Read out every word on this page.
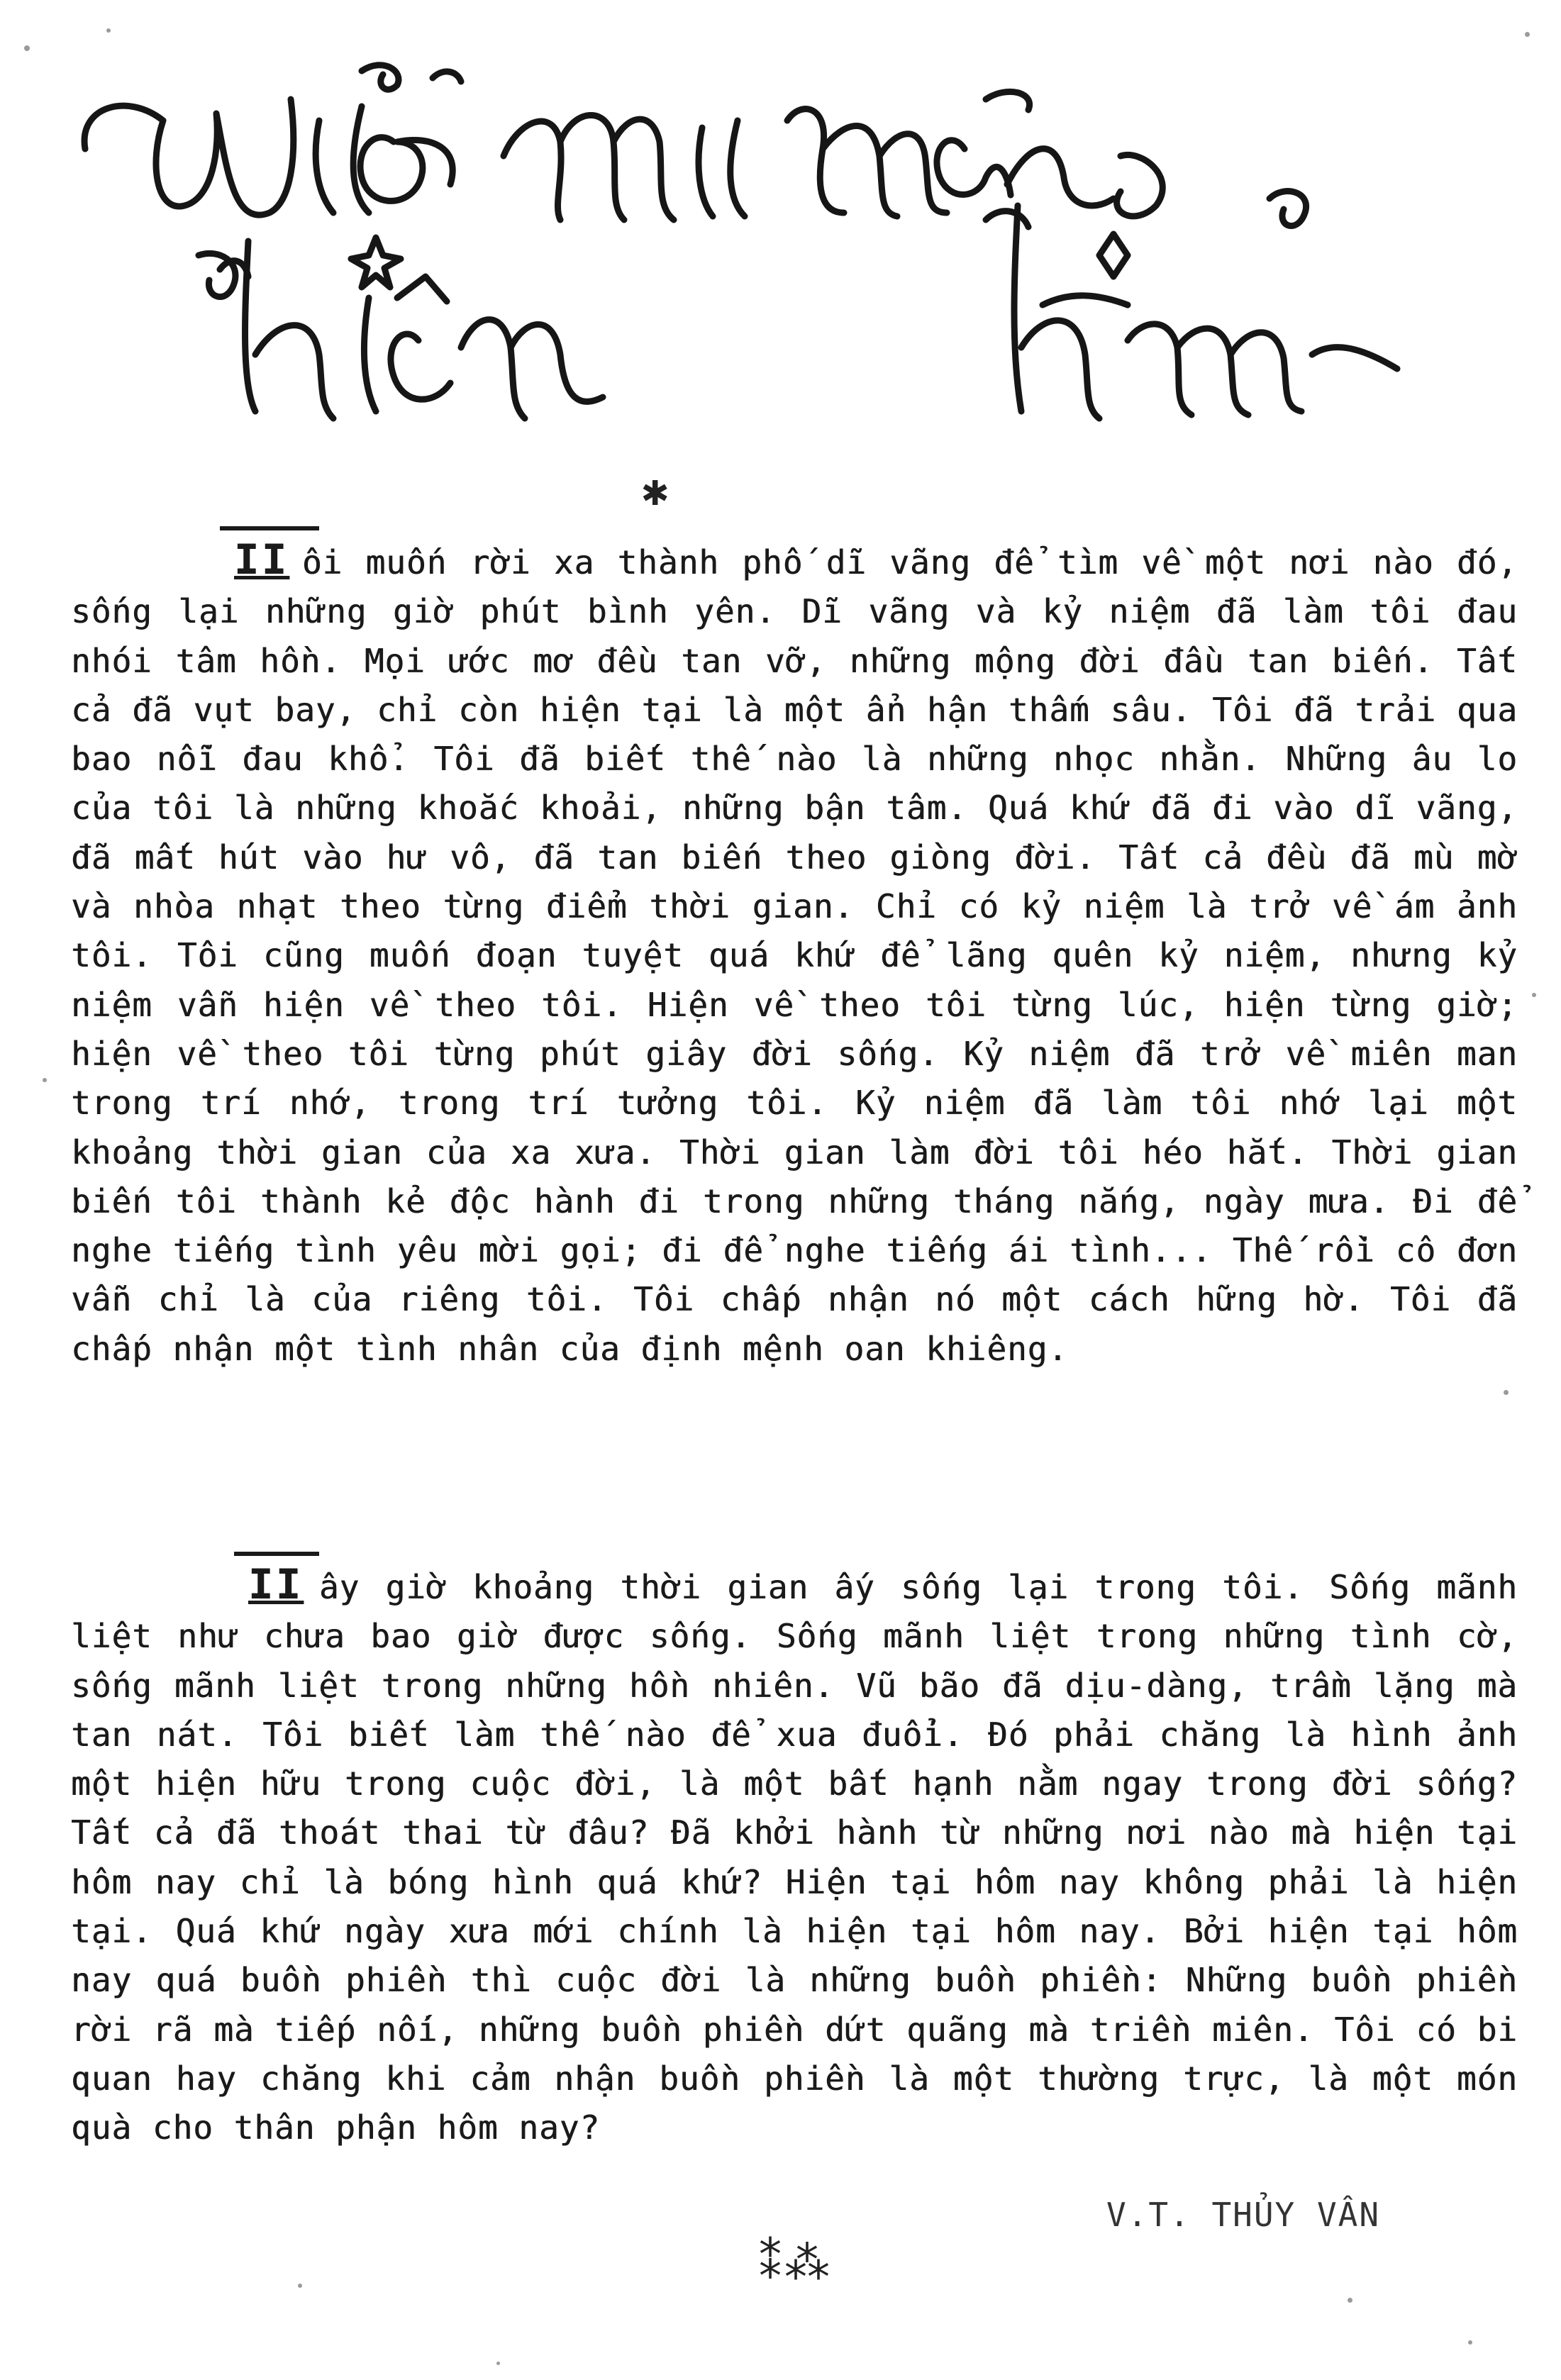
✱
II ôi muốn rời xa thành phố dĩ vãng để tìm về một nơi nào đó, sống lại những giờ phút bình yên. Dĩ vãng và kỷ niệm đã làm tôi đau nhói tâm hồn. Mọi ước mơ đều tan vỡ, những mộng đời đầu tan biến. Tất cả đã vụt bay, chỉ còn hiện tại là một ẩn hận thấm sâu. Tôi đã trải qua bao nỗi đau khổ. Tôi đã biết thế nào là những nhọc nhằn. Những âu lo của tôi là những khoắc khoải, những bận tâm. Quá khứ đã đi vào dĩ vãng, đã mất hút vào hư vô, đã tan biến theo giòng đời. Tất cả đều đã mù mờ và nhòa nhạt theo từng điểm thời gian. Chỉ có kỷ niệm là trở về ám ảnh tôi. Tôi cũng muốn đoạn tuyệt quá khứ để lãng quên kỷ niệm, nhưng kỷ niệm vẫn hiện về theo tôi. Hiện về theo tôi từng lúc, hiện từng giờ; hiện về theo tôi từng phút giây đời sống. Kỷ niệm đã trở về miên man trong trí nhớ, trong trí tưởng tôi. Kỷ niệm đã làm tôi nhớ lại một khoảng thời gian của xa xưa. Thời gian làm đời tôi héo hắt. Thời gian biến tôi thành kẻ độc hành đi trong những tháng nắng, ngày mưa. Đi để nghe tiếng tình yêu mời gọi; đi để nghe tiếng ái tình... Thế rồi cô đơn vẫn chỉ là của riêng tôi. Tôi chấp nhận nó một cách hững hờ. Tôi đã chấp nhận một tình nhân của định mệnh oan khiêng.
II ây giờ khoảng thời gian ấy sống lại trong tôi. Sống mãnh liệt như chưa bao giờ được sống. Sống mãnh liệt trong những tình cờ, sống mãnh liệt trong những hồn nhiên. Vũ bão đã dịu-dàng, trầm lặng mà tan nát. Tôi biết làm thế nào để xua đuổi. Đó phải chăng là hình ảnh một hiện hữu trong cuộc đời, là một bất hạnh nằm ngay trong đời sống? Tất cả đã thoát thai từ đâu? Đã khởi hành từ những nơi nào mà hiện tại hôm nay chỉ là bóng hình quá khứ? Hiện tại hôm nay không phải là hiện tại. Quá khứ ngày xưa mới chính là hiện tại hôm nay. Bởi hiện tại hôm nay quá buồn phiền thì cuộc đời là những buồn phiền: Những buồn phiền rời rã mà tiếp nối, những buồn phiền dứt quãng mà triền miên. Tôi có bi quan hay chăng khi cảm nhận buồn phiền là một thường trực, là một món quà cho thân phận hôm nay?
V.T. THỦY VÂN
⁑⁂
